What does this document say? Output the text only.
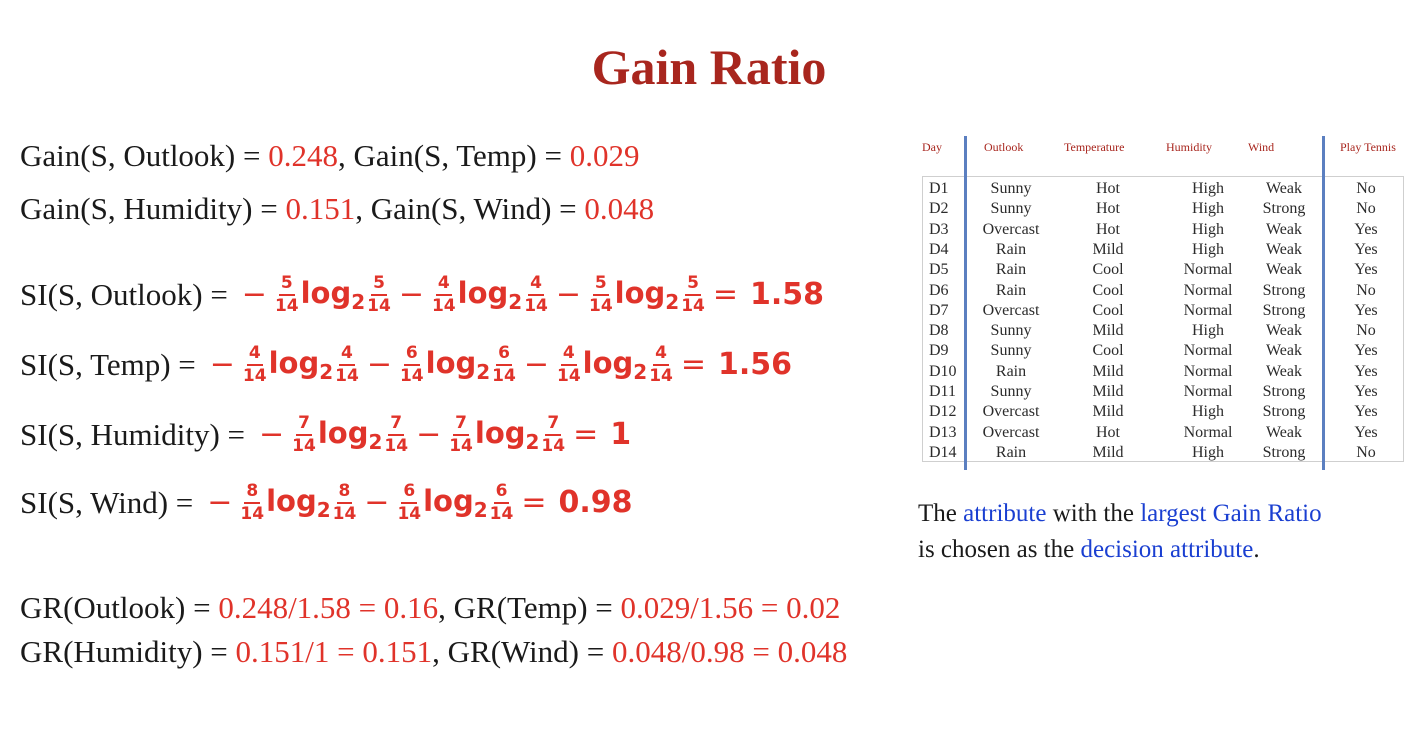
Gain Ratio
Gain(S, Outlook) = 0.248, Gain(S, Temp) = 0.029
Gain(S, Humidity) = 0.151, Gain(S, Wind) = 0.048
SI(S, Outlook) = − $\frac{5}{14} \log_2 \frac{5}{14} - \frac{4}{14} \log_2 \frac{4}{14} - \frac{5}{14} \log_2 \frac{5}{14} = 1.58$
SI(S, Temp) = − $\frac{4}{14} \log_2 \frac{4}{14} - \frac{6}{14} \log_2 \frac{6}{14} - \frac{4}{14} \log_2 \frac{4}{14} = 1.56$
SI(S, Humidity) = − $\frac{7}{14} \log_2 \frac{7}{14} - \frac{7}{14} \log_2 \frac{7}{14} = 1$
SI(S, Wind) = − $\frac{8}{14} \log_2 \frac{8}{14} - \frac{6}{14} \log_2 \frac{6}{14} = 0.98$
GR(Outlook) = 0.248/1.58 = 0.16, GR(Temp) = 0.029/1.56 = 0.02
GR(Humidity) = 0.151/1 = 0.151, GR(Wind) = 0.048/0.98 = 0.048
Day	Outlook	Temperature	Humidity	Wind	Play Tennis
D1	Sunny	Hot	High	Weak	No
D2	Sunny	Hot	High	Strong	No
D3	Overcast	Hot	High	Weak	Yes
D4	Rain	Mild	High	Weak	Yes
D5	Rain	Cool	Normal	Weak	Yes
D6	Rain	Cool	Normal	Strong	No
D7	Overcast	Cool	Normal	Strong	Yes
D8	Sunny	Mild	High	Weak	No
D9	Sunny	Cool	Normal	Weak	Yes
D10	Rain	Mild	Normal	Weak	Yes
D11	Sunny	Mild	Normal	Strong	Yes
D12	Overcast	Mild	High	Strong	Yes
D13	Overcast	Hot	Normal	Weak	Yes
D14	Rain	Mild	High	Strong	No
The attribute with the largest Gain Ratio
is chosen as the decision attribute.
